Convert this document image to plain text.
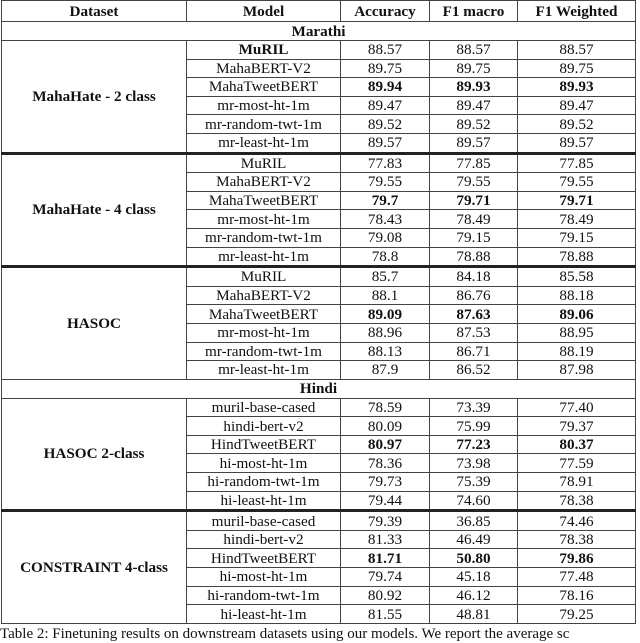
Dataset	Model	Accuracy	F1 macro	F1 Weighted
Marathi				
MahaHate - 2 class	MuRIL	88.57	88.57	88.57
	MahaBERT-V2	89.75	89.75	89.75
	MahaTweetBERT	89.94	89.93	89.93
	mr-most-ht-1m	89.47	89.47	89.47
	mr-random-twt-1m	89.52	89.52	89.52
	mr-least-ht-1m	89.57	89.57	89.57
MahaHate - 4 class	MuRIL	77.83	77.85	77.85
	MahaBERT-V2	79.55	79.55	79.55
	MahaTweetBERT	79.7	79.71	79.71
	mr-most-ht-1m	78.43	78.49	78.49
	mr-random-twt-1m	79.08	79.15	79.15
	mr-least-ht-1m	78.8	78.88	78.88
HASOC	MuRIL	85.7	84.18	85.58
	MahaBERT-V2	88.1	86.76	88.18
	MahaTweetBERT	89.09	87.63	89.06
	mr-most-ht-1m	88.96	87.53	88.95
	mr-random-twt-1m	88.13	86.71	88.19
	mr-least-ht-1m	87.9	86.52	87.98
Hindi				
HASOC 2-class	muril-base-cased	78.59	73.39	77.40
	hindi-bert-v2	80.09	75.99	79.37
	HindTweetBERT	80.97	77.23	80.37
	hi-most-ht-1m	78.36	73.98	77.59
	hi-random-twt-1m	79.73	75.39	78.91
	hi-least-ht-1m	79.44	74.60	78.38
CONSTRAINT 4-class	muril-base-cased	79.39	36.85	74.46
	hindi-bert-v2	81.33	46.49	78.38
	HindTweetBERT	81.71	50.80	79.86
	hi-most-ht-1m	79.74	45.18	77.48
	hi-random-twt-1m	80.92	46.12	78.16
	hi-least-ht-1m	81.55	48.81	79.25
Table 2: Finetuning results on downstream datasets using our models. We report the average sc
